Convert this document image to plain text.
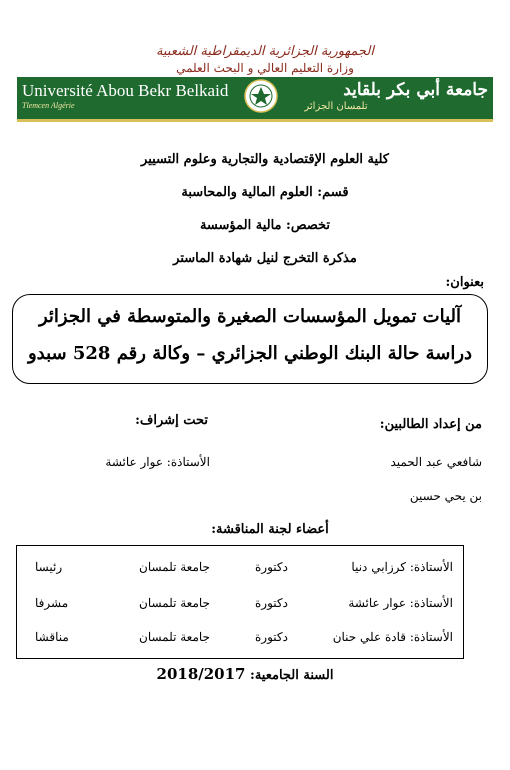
الجمهورية الجزائرية الديمقراطية الشعبية
وزارة التعليم العالي و البحث العلمي
Université Abou Bekr Belkaid
Tlemcen Algérie
جامعة أبي بكر بلقايد
تلمسان الجزائر
كلية العلوم الإقتصادية والتجارية وعلوم التسيير
قسم: العلوم المالية والمحاسبة
تخصص: مالية المؤسسة
مذكرة التخرج لنيل شهادة الماستر
بعنوان:
آليات تمويل المؤسسات الصغيرة والمتوسطة في الجزائر
دراسة حالة البنك الوطني الجزائري – وكالة رقم 528 سبدو
من إعداد الطالبين:
تحت إشراف:
شافعي عبد الحميد
بن يحي حسين
الأستاذة: عوار عائشة
أعضاء لجنة المناقشة:
الأستاذة: كرزابي دنيا
دكتورة
جامعة تلمسان
رئيسا
الأستاذة: عوار عائشة
دكتورة
جامعة تلمسان
مشرفا
الأستاذة: قادة علي حنان
دكتورة
جامعة تلمسان
مناقشا
السنة الجامعية: 2018/2017
